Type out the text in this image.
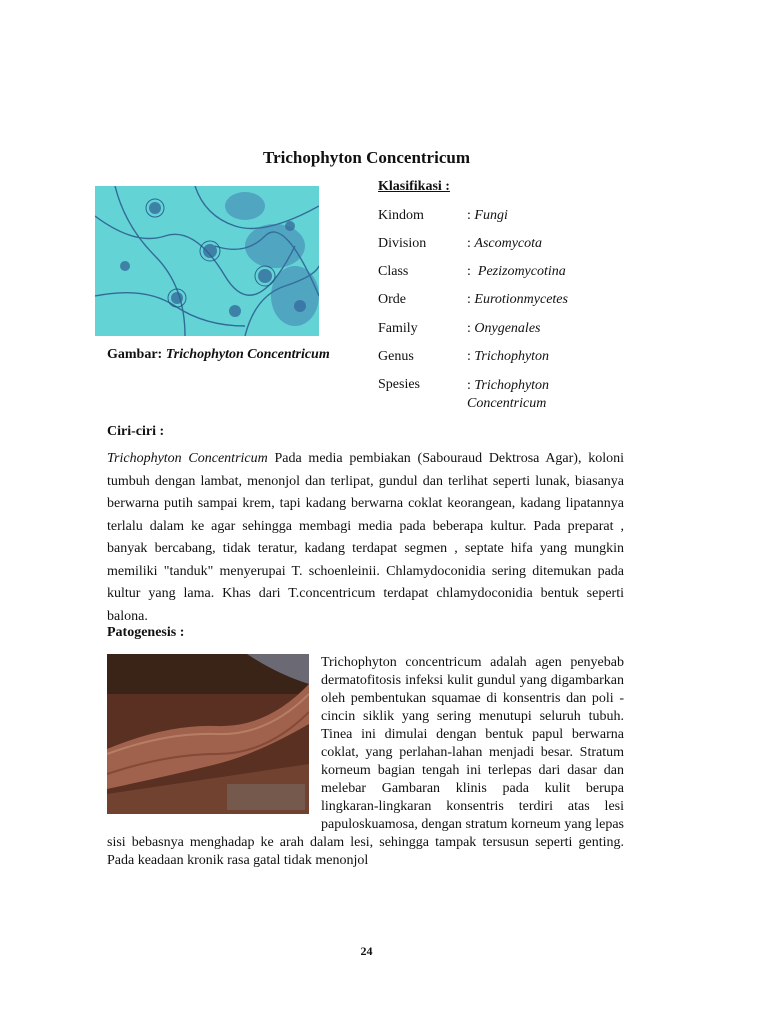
Trichophyton Concentricum
Gambar: Trichophyton Concentricum
Klasifikasi :
Kindom	: Fungi
Division	: Ascomycota
Class	:  Pezizomycotina
Orde	: Eurotionmycetes
Family	: Onygenales
Genus	: Trichophyton
Spesies	: Trichophyton Concentricum
Ciri-ciri :
Trichophyton Concentricum Pada media pembiakan (Sabouraud Dektrosa Agar), koloni tumbuh dengan lambat, menonjol dan terlipat, gundul dan terlihat seperti lunak, biasanya berwarna putih sampai krem, tapi kadang berwarna coklat keorangean, kadang lipatannya terlalu dalam ke agar sehingga membagi media pada beberapa kultur. Pada preparat , banyak bercabang, tidak teratur, kadang terdapat segmen , septate hifa yang mungkin memiliki "tanduk" menyerupai T. schoenleinii. Chlamydoconidia sering ditemukan pada kultur yang lama. Khas dari T.concentricum terdapat chlamydoconidia bentuk seperti balona.
Patogenesis :
Trichophyton concentricum adalah agen penyebab dermatofitosis infeksi kulit gundul yang digambarkan oleh pembentukan squamae di konsentris dan poli - cincin siklik yang sering menutupi seluruh tubuh. Tinea ini dimulai dengan bentuk papul berwarna coklat, yang perlahan-lahan menjadi besar. Stratum korneum bagian tengah ini terlepas dari dasar dan melebar Gambaran klinis pada kulit berupa lingkaran-lingkaran konsentris terdiri atas lesi papuloskuamosa, dengan stratum korneum yang lepas sisi bebasnya menghadap ke arah dalam lesi, sehingga tampak tersusun seperti genting. Pada keadaan kronik rasa gatal tidak menonjol
24
